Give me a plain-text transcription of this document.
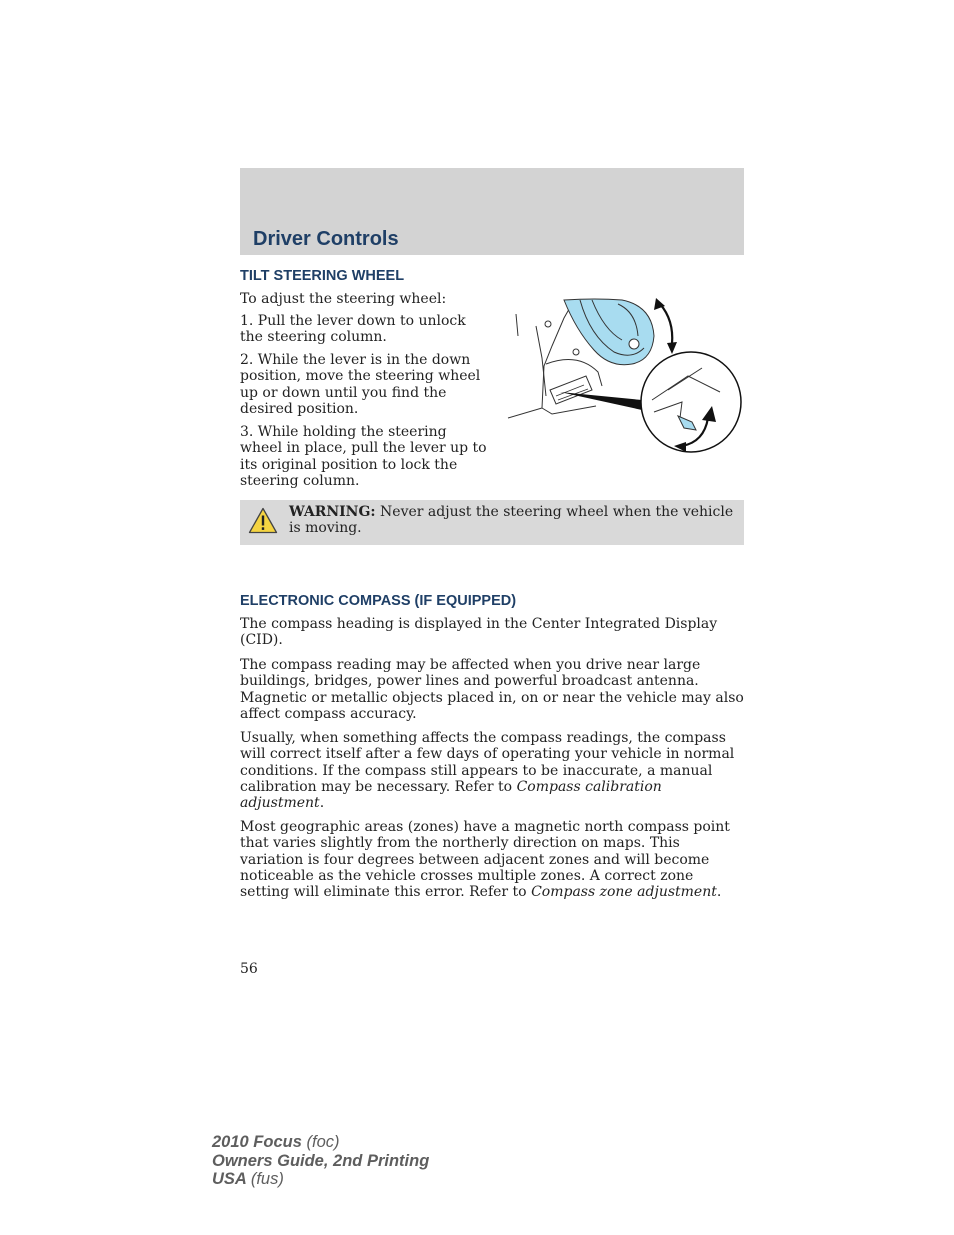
Driver Controls
TILT STEERING WHEEL

To adjust the steering wheel:

1. Pull the lever down to unlock the steering column.

2. While the lever is in the down position, move the steering wheel up or down until you find the desired position.

3. While holding the steering wheel in place, pull the lever up to its original position to lock the steering column.

WARNING: Never adjust the steering wheel when the vehicle is moving.

ELECTRONIC COMPASS (IF EQUIPPED)

The compass heading is displayed in the Center Integrated Display (CID).

The compass reading may be affected when you drive near large buildings, bridges, power lines and powerful broadcast antenna. Magnetic or metallic objects placed in, on or near the vehicle may also affect compass accuracy.

Usually, when something affects the compass readings, the compass will correct itself after a few days of operating your vehicle in normal conditions. If the compass still appears to be inaccurate, a manual calibration may be necessary. Refer to Compass calibration adjustment.

Most geographic areas (zones) have a magnetic north compass point that varies slightly from the northerly direction on maps. This variation is four degrees between adjacent zones and will become noticeable as the vehicle crosses multiple zones. A correct zone setting will eliminate this error. Refer to Compass zone adjustment.

56

2010 Focus (foc)
Owners Guide, 2nd Printing
USA (fus)
